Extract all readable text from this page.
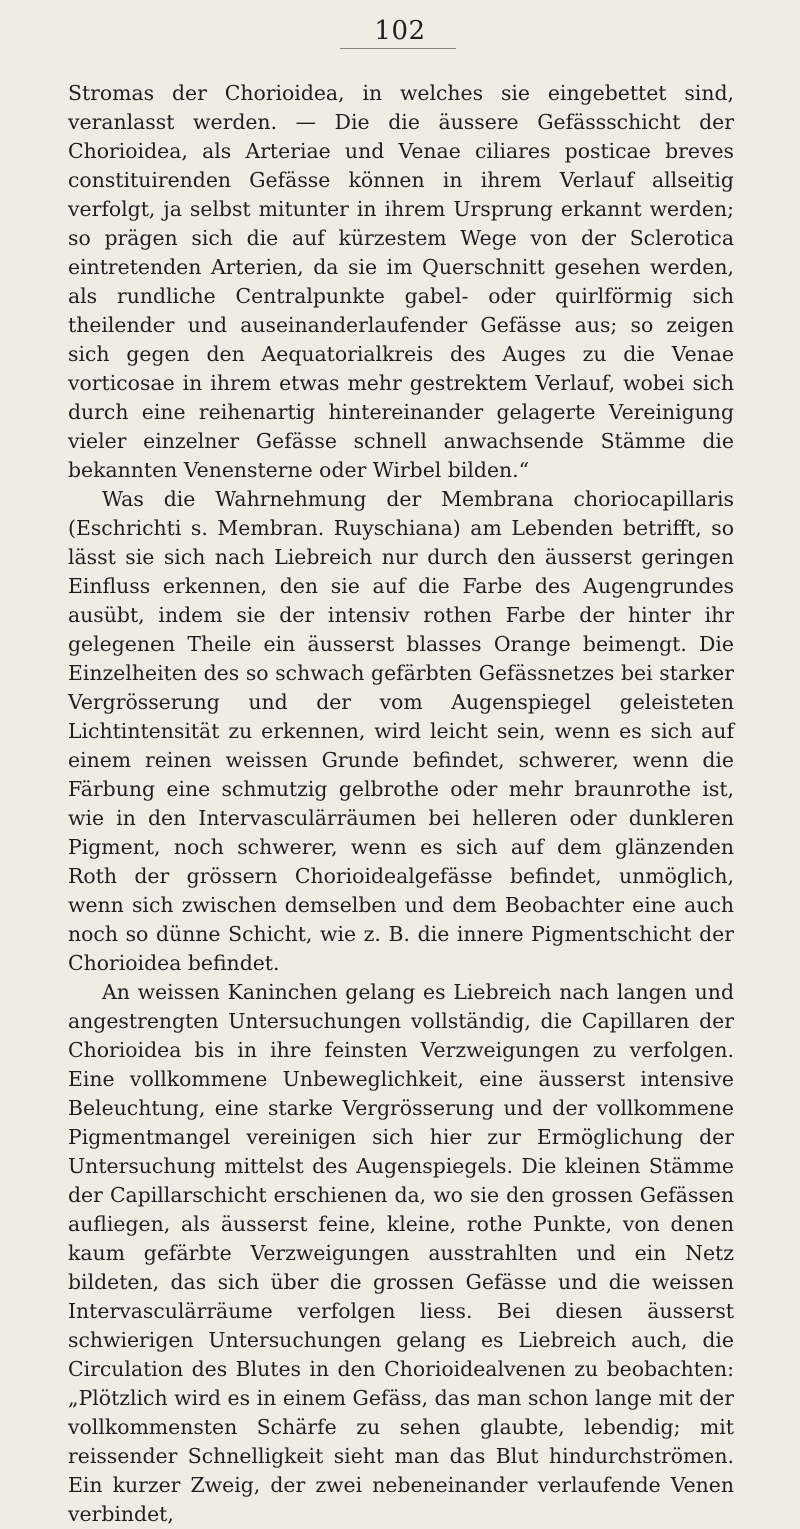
102

Stromas der Chorioidea, in welches sie eingebettet sind, veranlasst werden. — Die die äussere Gefässschicht der Chorioidea, als Arteriae und Venae ciliares posticae breves constituirenden Gefässe können in ihrem Verlauf allseitig verfolgt, ja selbst mitunter in ihrem Ursprung erkannt werden; so prägen sich die auf kürzestem Wege von der Sclerotica eintretenden Arterien, da sie im Querschnitt gesehen werden, als rundliche Centralpunkte gabel- oder quirlförmig sich theilender und auseinanderlaufender Gefässe aus; so zeigen sich gegen den Aequatorialkreis des Auges zu die Venae vorticosae in ihrem etwas mehr gestrektem Verlauf, wobei sich durch eine reihenartig hintereinander gelagerte Vereinigung vieler einzelner Gefässe schnell anwachsende Stämme die bekannten Venensterne oder Wirbel bilden.“

Was die Wahrnehmung der Membrana choriocapillaris (Eschrichti s. Membran. Ruyschiana) am Lebenden betrifft, so lässt sie sich nach Liebreich nur durch den äusserst geringen Einfluss erkennen, den sie auf die Farbe des Augengrundes ausübt, indem sie der intensiv rothen Farbe der hinter ihr gelegenen Theile ein äusserst blasses Orange beimengt. Die Einzelheiten des so schwach gefärbten Gefässnetzes bei starker Vergrösserung und der vom Augenspiegel geleisteten Lichtintensität zu erkennen, wird leicht sein, wenn es sich auf einem reinen weissen Grunde befindet, schwerer, wenn die Färbung eine schmutzig gelbrothe oder mehr braunrothe ist, wie in den Intervasculärräumen bei helleren oder dunkleren Pigment, noch schwerer, wenn es sich auf dem glänzenden Roth der grössern Chorioidealgefässe befindet, unmöglich, wenn sich zwischen demselben und dem Beobachter eine auch noch so dünne Schicht, wie z. B. die innere Pigmentschicht der Chorioidea befindet.

An weissen Kaninchen gelang es Liebreich nach langen und angestrengten Untersuchungen vollständig, die Capillaren der Chorioidea bis in ihre feinsten Verzweigungen zu verfolgen. Eine vollkommene Unbeweglichkeit, eine äusserst intensive Beleuchtung, eine starke Vergrösserung und der vollkommene Pigmentmangel vereinigen sich hier zur Ermöglichung der Untersuchung mittelst des Augenspiegels. Die kleinen Stämme der Capillarschicht erschienen da, wo sie den grossen Gefässen aufliegen, als äusserst feine, kleine, rothe Punkte, von denen kaum gefärbte Verzweigungen ausstrahlten und ein Netz bildeten, das sich über die grossen Gefässe und die weissen Intervasculärräume verfolgen liess. Bei diesen äusserst schwierigen Untersuchungen gelang es Liebreich auch, die Circulation des Blutes in den Chorioidealvenen zu beobachten: „Plötzlich wird es in einem Gefäss, das man schon lange mit der vollkommensten Schärfe zu sehen glaubte, lebendig; mit reissender Schnelligkeit sieht man das Blut hindurchströmen. Ein kurzer Zweig, der zwei nebeneinander verlaufende Venen verbindet,
